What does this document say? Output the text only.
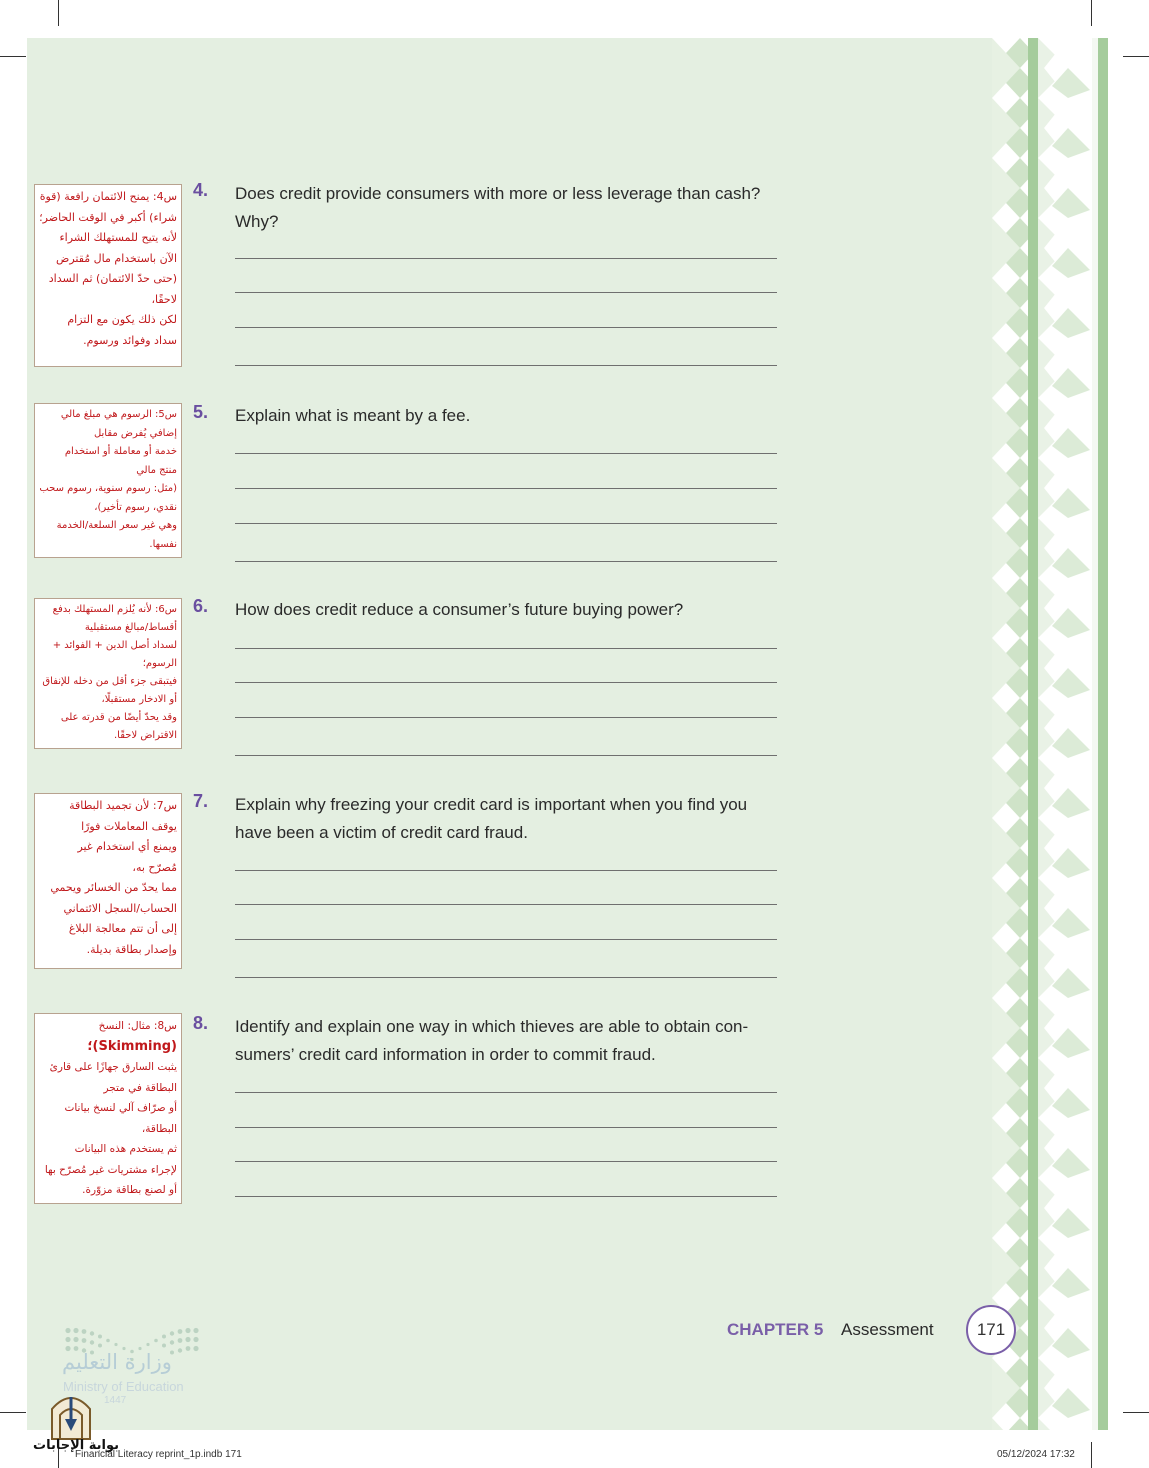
4. Does credit provide consumers with more or less leverage than cash? Why?
س4: يمنح الائتمان رافعة (قوة شراء) أكبر في الوقت الحاضر؛
لأنه يتيح للمستهلك الشراء
الآن باستخدام مال مُقترض
(حتى حدّ الائتمان) ثم السداد
لاحقًا،
لكن ذلك يكون مع التزام
سداد وفوائد ورسوم.
5. Explain what is meant by a fee.
س5: الرسوم هي مبلغ مالي
إضافي يُفرض مقابل
خدمة أو معاملة أو استخدام
منتج مالي
(مثل: رسوم سنوية، رسوم سحب
نقدي، رسوم تأخير)،
وهي غير سعر السلعة/الخدمة
نفسها.
6. How does credit reduce a consumer’s future buying power?
س6: لأنه يُلزم المستهلك بدفع
أقساط/مبالغ مستقبلية
لسداد أصل الدين + الفوائد +
الرسوم؛
فيتبقى جزء أقل من دخله للإنفاق
أو الادخار مستقبلًا،
وقد يحدّ أيضًا من قدرته على
الاقتراض لاحقًا.
7. Explain why freezing your credit card is important when you find you have been a victim of credit card fraud.
س7: لأن تجميد البطاقة
يوقف المعاملات فورًا
ويمنع أي استخدام غير
مُصرّح به،
مما يحدّ من الخسائر ويحمي
الحساب/السجل الائتماني
إلى أن تتم معالجة البلاغ
وإصدار بطاقة بديلة.
8. Identify and explain one way in which thieves are able to obtain con-sumers’ credit card information in order to commit fraud.
س8: مثال: النسخ
(Skimming)؛
يثبت السارق جهازًا على قارئ
البطاقة في متجر
أو صرّاف آلي لنسخ بيانات
البطاقة،
ثم يستخدم هذه البيانات
لإجراء مشتريات غير مُصرّح بها
أو لصنع بطاقة مزوّرة.
CHAPTER 5 Assessment	171
وزارة التعليم
Ministry of Education
1447
بوابة الإجابات
Financial Literacy reprint_1p.indb 171	05/12/2024 17:32
